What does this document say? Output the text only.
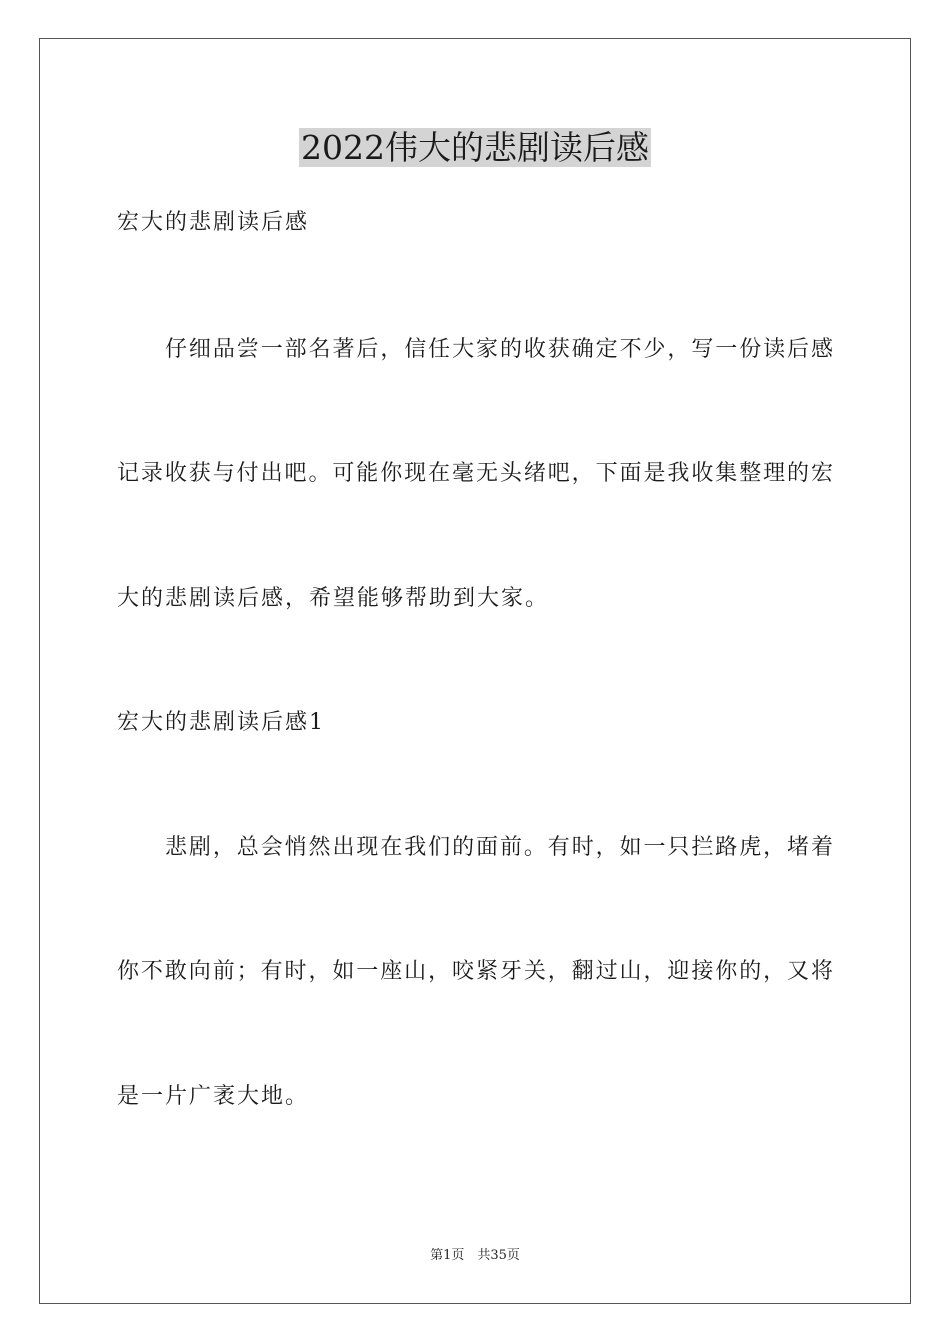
2022伟大的悲剧读后感
宏大的悲剧读后感
仔细品尝一部名著后，信任大家的收获确定不少，写一份读后感
记录收获与付出吧。可能你现在毫无头绪吧，下面是我收集整理的宏
大的悲剧读后感，希望能够帮助到大家。
宏大的悲剧读后感1
悲剧，总会悄然出现在我们的面前。有时，如一只拦路虎，堵着
你不敢向前；有时，如一座山，咬紧牙关，翻过山，迎接你的，又将
是一片广袤大地。
第1页　共35页
